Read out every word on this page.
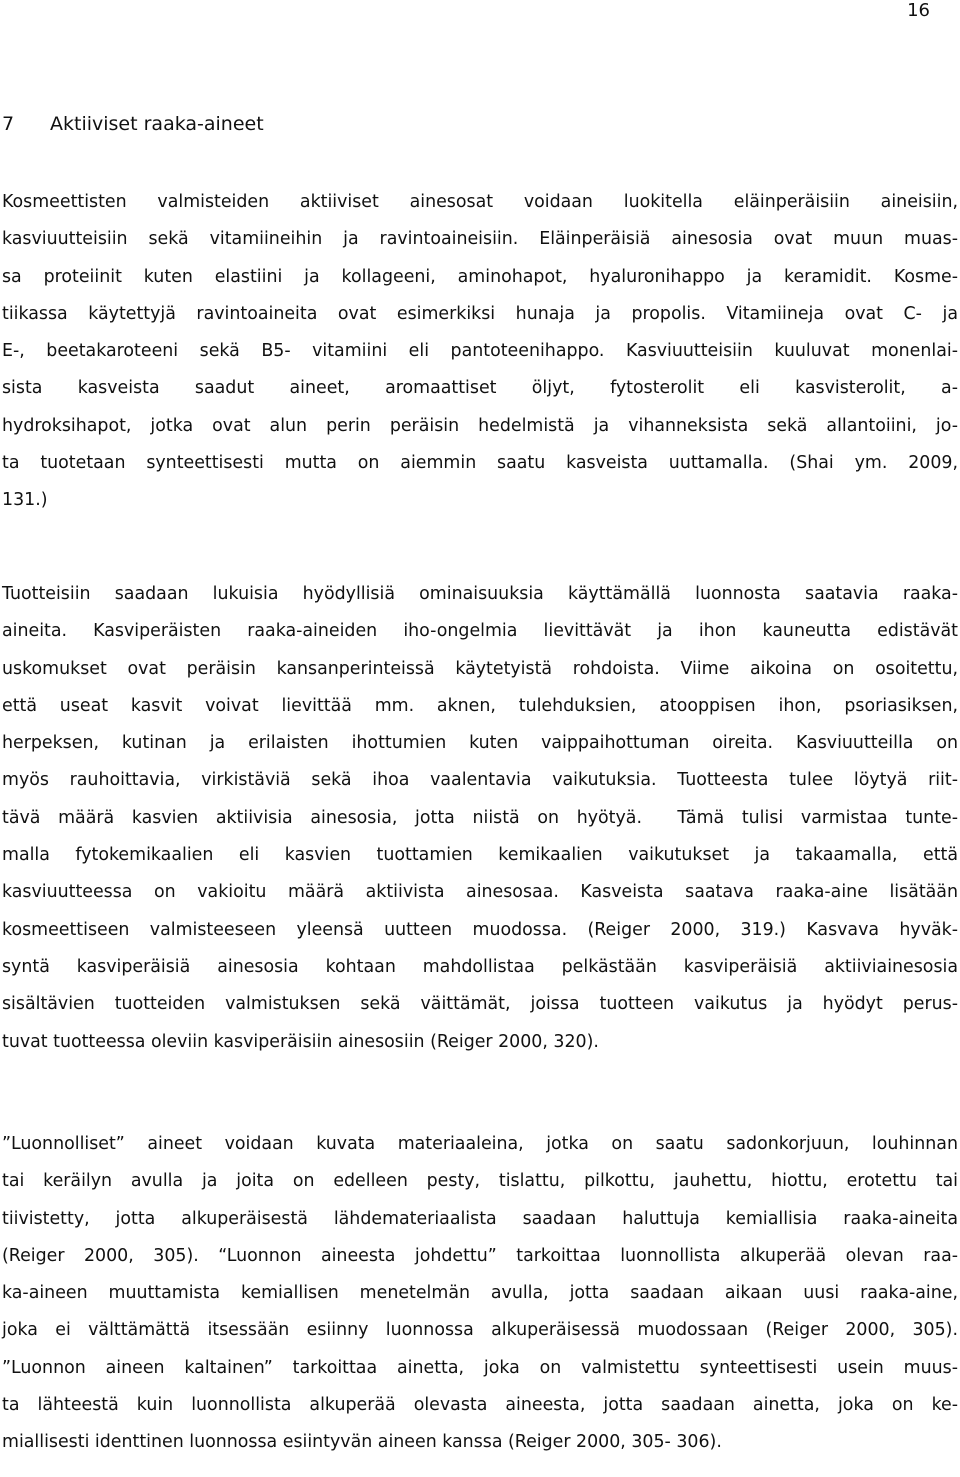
16
7 Aktiiviset raaka-aineet

Kosmeettisten valmisteiden aktiiviset ainesosat voidaan luokitella eläinperäisiin aineisiin,
kasviuutteisiin sekä vitamiineihin ja ravintoaineisiin. Eläinperäisiä ainesosia ovat muun muas-
sa proteiinit kuten elastiini ja kollageeni, aminohapot, hyaluronihappo ja keramidit. Kosme-
tiikassa käytettyjä ravintoaineita ovat esimerkiksi hunaja ja propolis. Vitamiineja ovat C- ja
E-, beetakaroteeni sekä B5- vitamiini eli pantoteenihappo. Kasviuutteisiin kuuluvat monenlai-
sista kasveista saadut aineet, aromaattiset öljyt, fytosterolit eli kasvisterolit, a-
hydroksihapot, jotka ovat alun perin peräisin hedelmistä ja vihanneksista sekä allantoiini, jo-
ta tuotetaan synteettisesti mutta on aiemmin saatu kasveista uuttamalla. (Shai ym. 2009,
131.)

Tuotteisiin saadaan lukuisia hyödyllisiä ominaisuuksia käyttämällä luonnosta saatavia raaka-
aineita. Kasviperäisten raaka-aineiden iho-ongelmia lievittävät ja ihon kauneutta edistävät
uskomukset ovat peräisin kansanperinteissä käytetyistä rohdoista. Viime aikoina on osoitettu,
että useat kasvit voivat lievittää mm. aknen, tulehduksien, atooppisen ihon, psoriasiksen,
herpeksen, kutinan ja erilaisten ihottumien kuten vaippaihottuman oireita. Kasviuutteilla on
myös rauhoittavia, virkistäviä sekä ihoa vaalentavia vaikutuksia. Tuotteesta tulee löytyä riit-
tävä määrä kasvien aktiivisia ainesosia, jotta niistä on hyötyä.  Tämä tulisi varmistaa tunte-
malla fytokemikaalien eli kasvien tuottamien kemikaalien vaikutukset ja takaamalla, että
kasviuutteessa on vakioitu määrä aktiivista ainesosaa. Kasveista saatava raaka-aine lisätään
kosmeettiseen valmisteeseen yleensä uutteen muodossa. (Reiger 2000, 319.) Kasvava hyväk-
syntä kasviperäisiä ainesosia kohtaan mahdollistaa pelkästään kasviperäisiä aktiiviainesosia
sisältävien tuotteiden valmistuksen sekä väittämät, joissa tuotteen vaikutus ja hyödyt perus-
tuvat tuotteessa oleviin kasviperäisiin ainesosiin (Reiger 2000, 320).

”Luonnolliset” aineet voidaan kuvata materiaaleina, jotka on saatu sadonkorjuun, louhinnan
tai keräilyn avulla ja joita on edelleen pesty, tislattu, pilkottu, jauhettu, hiottu, erotettu tai
tiivistetty, jotta alkuperäisestä lähdemateriaalista saadaan haluttuja kemiallisia raaka-aineita
(Reiger 2000, 305). “Luonnon aineesta johdettu” tarkoittaa luonnollista alkuperää olevan raa-
ka-aineen muuttamista kemiallisen menetelmän avulla, jotta saadaan aikaan uusi raaka-aine,
joka ei välttämättä itsessään esiinny luonnossa alkuperäisessä muodossaan (Reiger 2000, 305).
”Luonnon aineen kaltainen” tarkoittaa ainetta, joka on valmistettu synteettisesti usein muus-
ta lähteestä kuin luonnollista alkuperää olevasta aineesta, jotta saadaan ainetta, joka on ke-
miallisesti identtinen luonnossa esiintyvän aineen kanssa (Reiger 2000, 305- 306).
